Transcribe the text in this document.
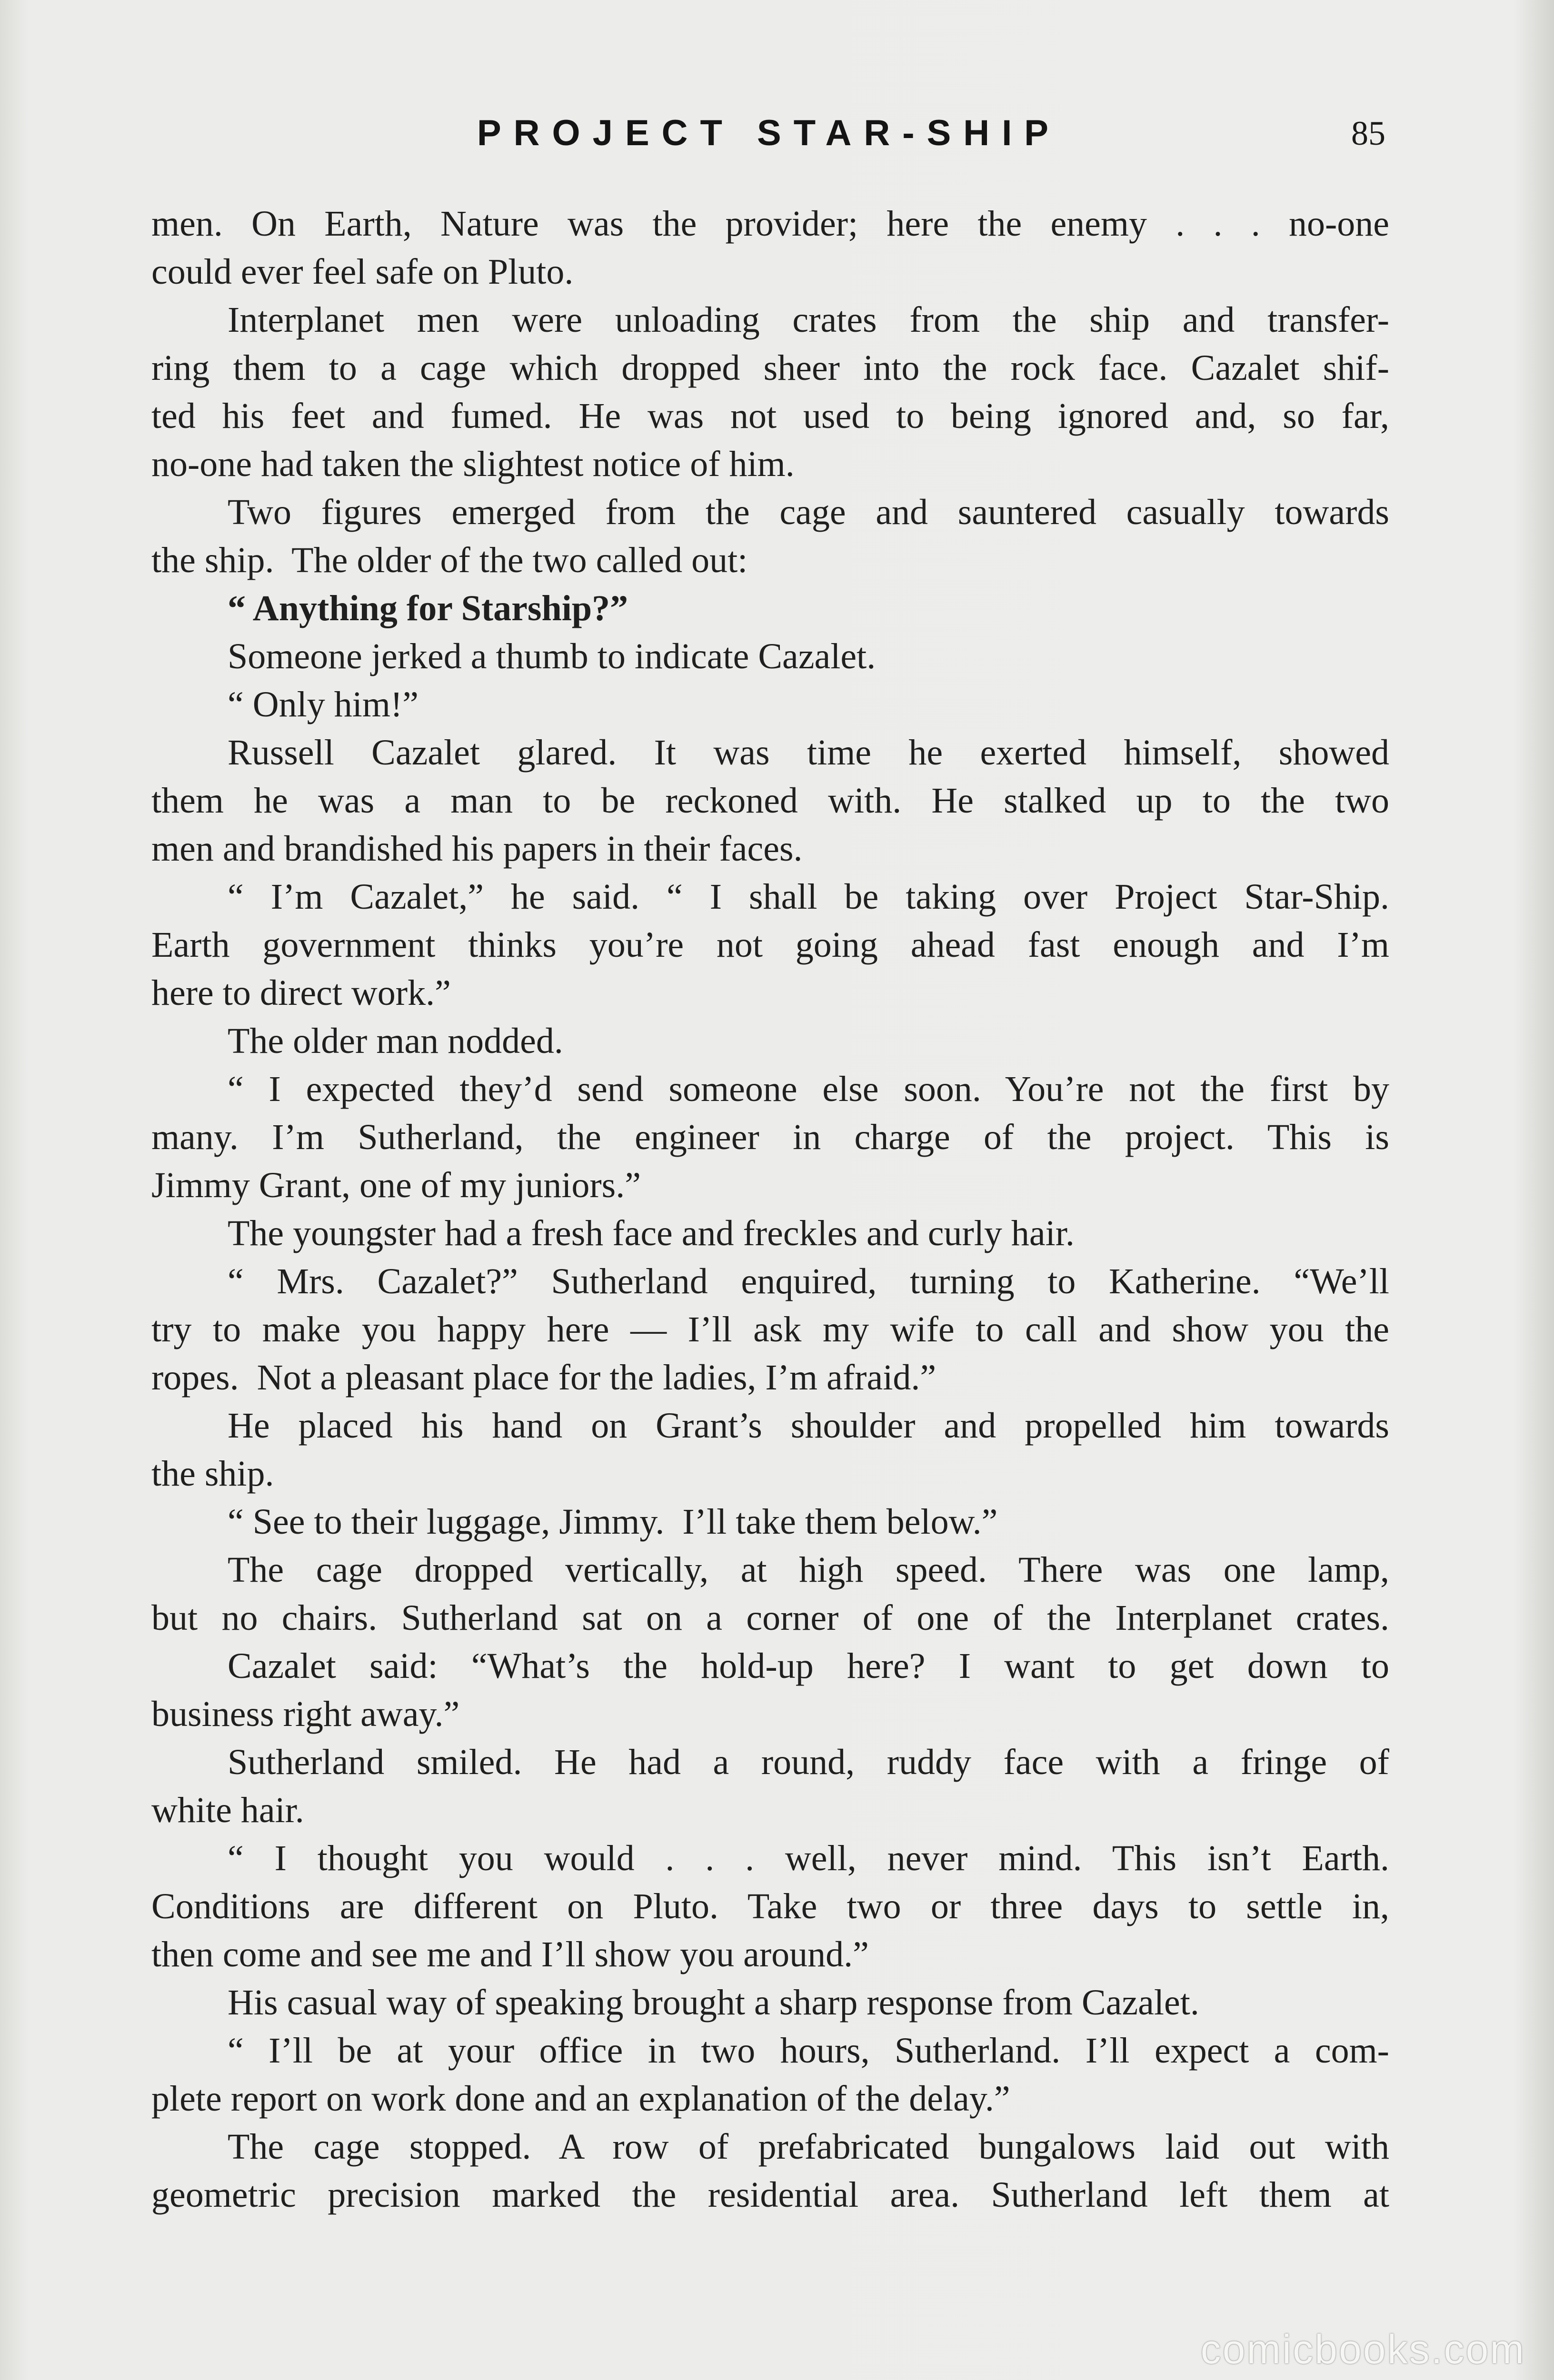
PROJECT STAR-SHIP	85
men. On Earth, Nature was the provider; here the enemy . . . no-one
could ever feel safe on Pluto.
Interplanet men were unloading crates from the ship and transfer-
ring them to a cage which dropped sheer into the rock face. Cazalet shif-
ted his feet and fumed. He was not used to being ignored and, so far,
no-one had taken the slightest notice of him.
Two figures emerged from the cage and sauntered casually towards
the ship.  The older of the two called out:
“ Anything for Starship?”
Someone jerked a thumb to indicate Cazalet.
“ Only him!”
Russell Cazalet glared. It was time he exerted himself, showed
them he was a man to be reckoned with. He stalked up to the two
men and brandished his papers in their faces.
“ I’m Cazalet,” he said. “ I shall be taking over Project Star-Ship.
Earth government thinks you’re not going ahead fast enough and I’m
here to direct work.”
The older man nodded.
“ I expected they’d send someone else soon. You’re not the first by
many. I’m Sutherland, the engineer in charge of the project. This is
Jimmy Grant, one of my juniors.”
The youngster had a fresh face and freckles and curly hair.
“ Mrs. Cazalet?” Sutherland enquired, turning to Katherine. “We’ll
try to make you happy here — I’ll ask my wife to call and show you the
ropes.  Not a pleasant place for the ladies, I’m afraid.”
He placed his hand on Grant’s shoulder and propelled him towards
the ship.
“ See to their luggage, Jimmy.  I’ll take them below.”
The cage dropped vertically, at high speed. There was one lamp,
but no chairs. Sutherland sat on a corner of one of the Interplanet crates.
Cazalet said: “What’s the hold-up here? I want to get down to
business right away.”
Sutherland smiled. He had a round, ruddy face with a fringe of
white hair.
“ I thought you would . . . well, never mind. This isn’t Earth.
Conditions are different on Pluto. Take two or three days to settle in,
then come and see me and I’ll show you around.”
His casual way of speaking brought a sharp response from Cazalet.
“ I’ll be at your office in two hours, Sutherland. I’ll expect a com-
plete report on work done and an explanation of the delay.”
The cage stopped. A row of prefabricated bungalows laid out with
geometric precision marked the residential area. Sutherland left them at
comicbooks.com
